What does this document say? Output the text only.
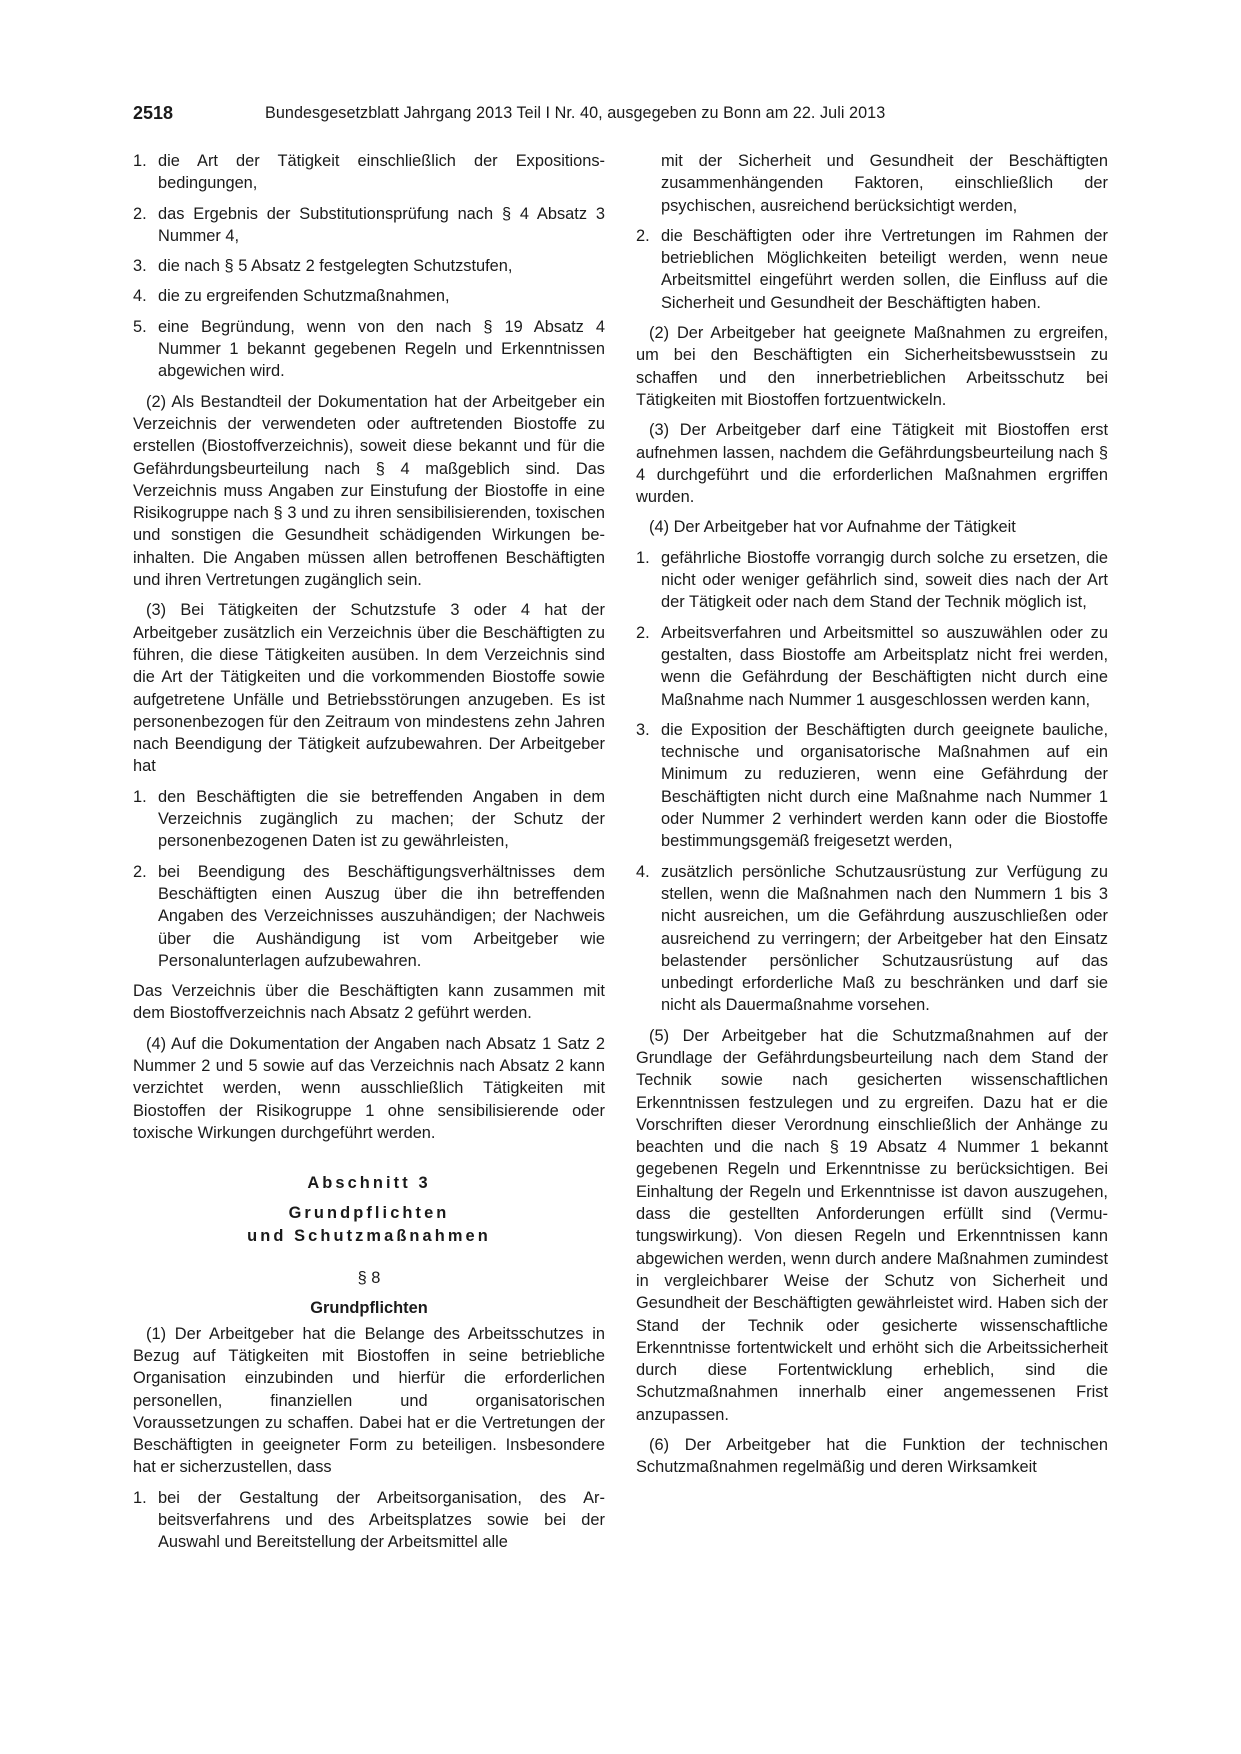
2518	Bundesgesetzblatt Jahrgang 2013 Teil I Nr. 40, ausgegeben zu Bonn am 22. Juli 2013
1. die Art der Tätigkeit einschließlich der Expositionsbedingungen,
2. das Ergebnis der Substitutionsprüfung nach § 4 Absatz 3 Nummer 4,
3. die nach § 5 Absatz 2 festgelegten Schutzstufen,
4. die zu ergreifenden Schutzmaßnahmen,
5. eine Begründung, wenn von den nach § 19 Absatz 4 Nummer 1 bekannt gegebenen Regeln und Erkenntnissen abgewichen wird.

(2) Als Bestandteil der Dokumentation hat der Arbeitgeber ein Verzeichnis der verwendeten oder auftretenden Biostoffe zu erstellen (Biostoffverzeichnis), soweit diese bekannt und für die Gefährdungsbeurteilung nach § 4 maßgeblich sind. Das Verzeichnis muss Angaben zur Einstufung der Biostoffe in eine Risikogruppe nach § 3 und zu ihren sensibilisierenden, toxischen und sonstigen die Gesundheit schädigenden Wirkungen beinhalten. Die Angaben müssen allen betroffenen Beschäftigten und ihren Vertretungen zugänglich sein.

(3) Bei Tätigkeiten der Schutzstufe 3 oder 4 hat der Arbeitgeber zusätzlich ein Verzeichnis über die Beschäftigten zu führen, die diese Tätigkeiten ausüben. In dem Verzeichnis sind die Art der Tätigkeiten und die vorkommenden Biostoffe sowie aufgetretene Unfälle und Betriebsstörungen anzugeben. Es ist personenbezogen für den Zeitraum von mindestens zehn Jahren nach Beendigung der Tätigkeit aufzubewahren. Der Arbeitgeber hat

1. den Beschäftigten die sie betreffenden Angaben in dem Verzeichnis zugänglich zu machen; der Schutz der personenbezogenen Daten ist zu gewährleisten,
2. bei Beendigung des Beschäftigungsverhältnisses dem Beschäftigten einen Auszug über die ihn betreffenden Angaben des Verzeichnisses auszuhändigen; der Nachweis über die Aushändigung ist vom Arbeitgeber wie Personalunterlagen aufzubewahren.

Das Verzeichnis über die Beschäftigten kann zusammen mit dem Biostoffverzeichnis nach Absatz 2 geführt werden.

(4) Auf die Dokumentation der Angaben nach Absatz 1 Satz 2 Nummer 2 und 5 sowie auf das Verzeichnis nach Absatz 2 kann verzichtet werden, wenn ausschließlich Tätigkeiten mit Biostoffen der Risikogruppe 1 ohne sensibilisierende oder toxische Wirkungen durchgeführt werden.

Abschnitt 3
Grundpflichten
und Schutzmaßnahmen
§ 8
Grundpflichten

(1) Der Arbeitgeber hat die Belange des Arbeitsschutzes in Bezug auf Tätigkeiten mit Biostoffen in seine betriebliche Organisation einzubinden und hierfür die erforderlichen personellen, finanziellen und organisatorischen Voraussetzungen zu schaffen. Dabei hat er die Vertretungen der Beschäftigten in geeigneter Form zu beteiligen. Insbesondere hat er sicherzustellen, dass

1. bei der Gestaltung der Arbeitsorganisation, des Arbeitsverfahrens und des Arbeitsplatzes sowie bei der Auswahl und Bereitstellung der Arbeitsmittel alle
mit der Sicherheit und Gesundheit der Beschäftigten zusammenhängenden Faktoren, einschließlich der psychischen, ausreichend berücksichtigt werden,
2. die Beschäftigten oder ihre Vertretungen im Rahmen der betrieblichen Möglichkeiten beteiligt werden, wenn neue Arbeitsmittel eingeführt werden sollen, die Einfluss auf die Sicherheit und Gesundheit der Beschäftigten haben.

(2) Der Arbeitgeber hat geeignete Maßnahmen zu ergreifen, um bei den Beschäftigten ein Sicherheitsbewusstsein zu schaffen und den innerbetrieblichen Arbeitsschutz bei Tätigkeiten mit Biostoffen fortzuentwickeln.

(3) Der Arbeitgeber darf eine Tätigkeit mit Biostoffen erst aufnehmen lassen, nachdem die Gefährdungsbeurteilung nach § 4 durchgeführt und die erforderlichen Maßnahmen ergriffen wurden.

(4) Der Arbeitgeber hat vor Aufnahme der Tätigkeit

1. gefährliche Biostoffe vorrangig durch solche zu ersetzen, die nicht oder weniger gefährlich sind, soweit dies nach der Art der Tätigkeit oder nach dem Stand der Technik möglich ist,
2. Arbeitsverfahren und Arbeitsmittel so auszuwählen oder zu gestalten, dass Biostoffe am Arbeitsplatz nicht frei werden, wenn die Gefährdung der Beschäftigten nicht durch eine Maßnahme nach Nummer 1 ausgeschlossen werden kann,
3. die Exposition der Beschäftigten durch geeignete bauliche, technische und organisatorische Maßnahmen auf ein Minimum zu reduzieren, wenn eine Gefährdung der Beschäftigten nicht durch eine Maßnahme nach Nummer 1 oder Nummer 2 verhindert werden kann oder die Biostoffe bestimmungsgemäß freigesetzt werden,
4. zusätzlich persönliche Schutzausrüstung zur Verfügung zu stellen, wenn die Maßnahmen nach den Nummern 1 bis 3 nicht ausreichen, um die Gefährdung auszuschließen oder ausreichend zu verringern; der Arbeitgeber hat den Einsatz belastender persönlicher Schutzausrüstung auf das unbedingt erforderliche Maß zu beschränken und darf sie nicht als Dauermaßnahme vorsehen.

(5) Der Arbeitgeber hat die Schutzmaßnahmen auf der Grundlage der Gefährdungsbeurteilung nach dem Stand der Technik sowie nach gesicherten wissenschaftlichen Erkenntnissen festzulegen und zu ergreifen. Dazu hat er die Vorschriften dieser Verordnung einschließlich der Anhänge zu beachten und die nach § 19 Absatz 4 Nummer 1 bekannt gegebenen Regeln und Erkenntnisse zu berücksichtigen. Bei Einhaltung der Regeln und Erkenntnisse ist davon auszugehen, dass die gestellten Anforderungen erfüllt sind (Vermutungswirkung). Von diesen Regeln und Erkenntnissen kann abgewichen werden, wenn durch andere Maßnahmen zumindest in vergleichbarer Weise der Schutz von Sicherheit und Gesundheit der Beschäftigten gewährleistet wird. Haben sich der Stand der Technik oder gesicherte wissenschaftliche Erkenntnisse fortentwickelt und erhöht sich die Arbeitssicherheit durch diese Fortentwicklung erheblich, sind die Schutzmaßnahmen innerhalb einer angemessenen Frist anzupassen.

(6) Der Arbeitgeber hat die Funktion der technischen Schutzmaßnahmen regelmäßig und deren Wirksamkeit
